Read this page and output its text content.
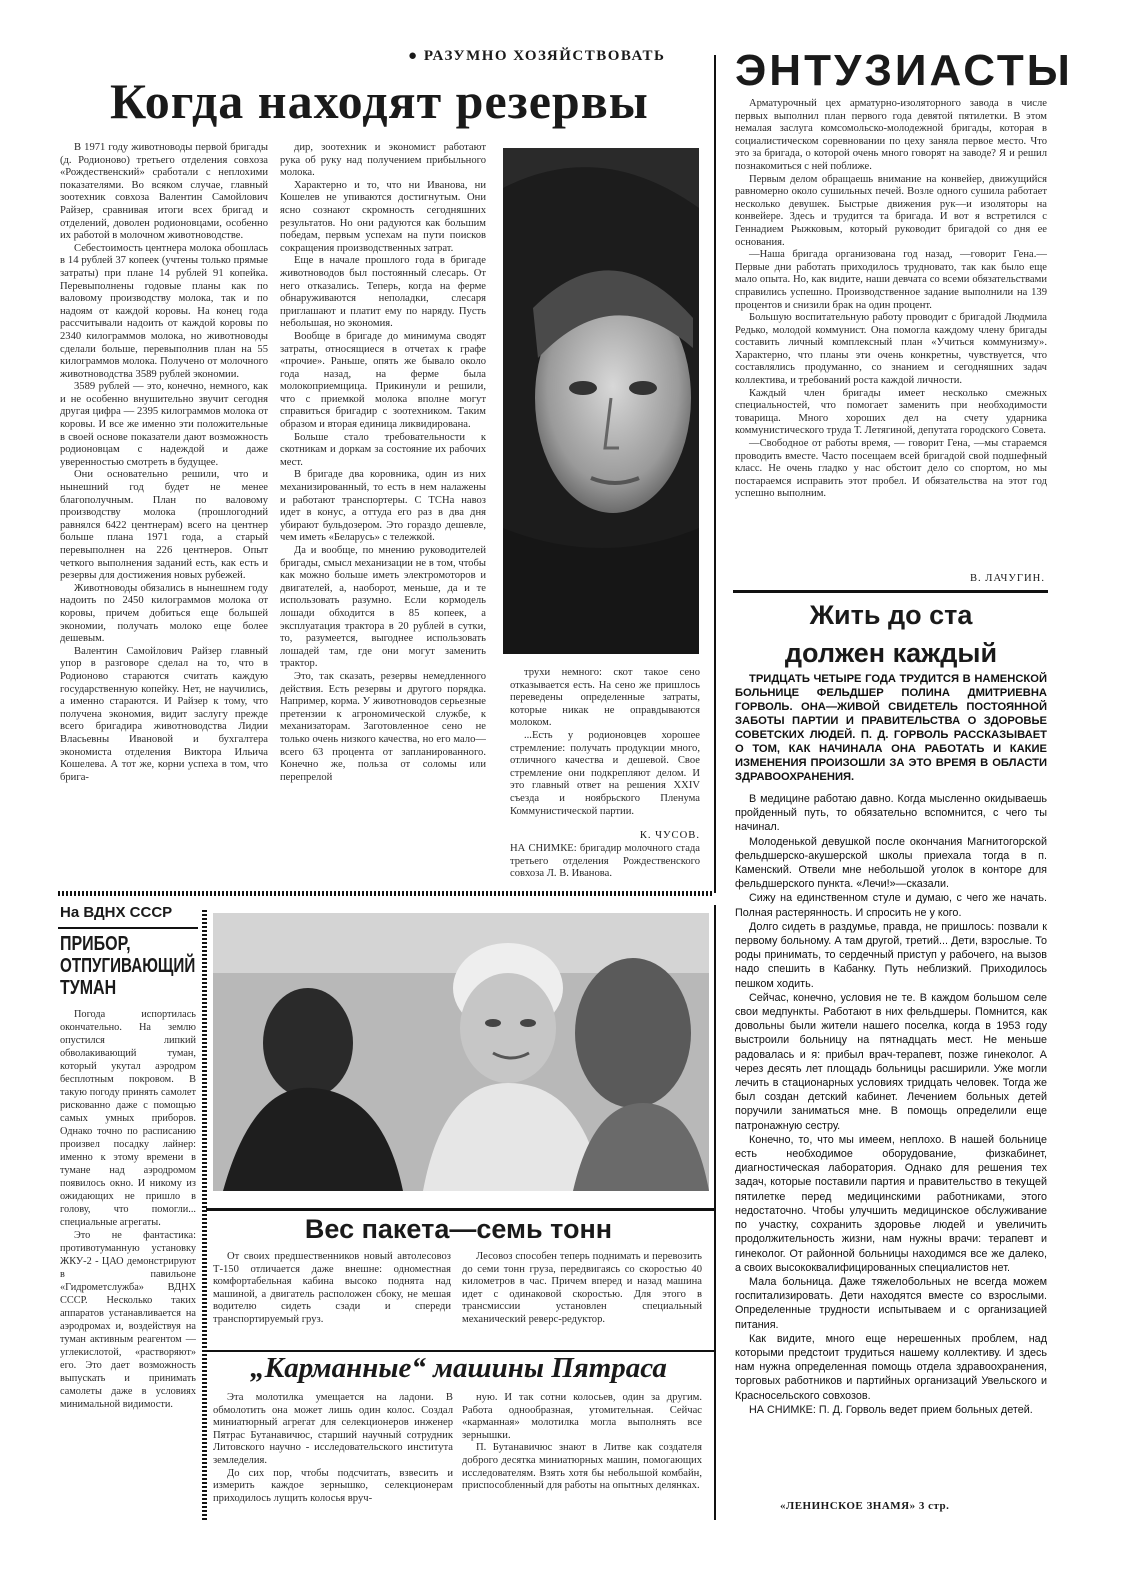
● РАЗУМНО ХОЗЯЙСТВОВАТЬ
Когда находят резервы

В 1971 году животноводы первой бригады (д. Родионово) третьего отделения совхоза «Рождественский» сработали с неплохими показателями. Во всяком случае, главный зоотехник совхоза Валентин Самойлович Райзер, сравнивая итоги всех бригад и отделений, доволен родионовцами, особенно их работой в молочном животноводстве.

Себестоимость центнера молока обошлась в 14 рублей 37 копеек (учтены только прямые затраты) при плане 14 рублей 91 копейка. Перевыполнены годовые планы как по валовому производству молока, так и по надоям от каждой коровы. На конец года рассчитывали надоить от каждой коровы по 2340 килограммов молока, но животноводы сделали больше, перевыполнив план на 55 килограммов молока. Получено от молочного животноводства 3589 рублей экономии.

3589 рублей — это, конечно, немного, как и не особенно внушительно звучит сегодня другая цифра — 2395 килограммов молока от коровы. И все же именно эти положительные в своей основе показатели дают возможность родионовцам с надеждой и даже уверенностью смотреть в будущее.

Они основательно решили, что и нынешний год будет не менее благополучным. План по валовому производству молока (прошлогодний равнялся 6422 центнерам) всего на центнер больше плана 1971 года, а старый перевыполнен на 226 центнеров. Опыт четкого выполнения заданий есть, как есть и резервы для достижения новых рубежей.

Животноводы обязались в нынешнем году надоить по 2450 килограммов молока от коровы, причем добиться еще большей экономии, получать молоко еще более дешевым.

Валентин Самойлович Райзер главный упор в разговоре сделал на то, что в Родионово стараются считать каждую государственную копейку. Нет, не научились, а именно стараются. И Райзер к тому, что получена экономия, видит заслугу прежде всего бригадира животноводства Лидии Власьевны Ивановой и бухгалтера экономиста отделения Виктора Ильича Кошелева. А тот же, корни успеха в том, что брига-

дир, зоотехник и экономист работают рука об руку над получением прибыльного молока.

Характерно и то, что ни Иванова, ни Кошелев не упиваются достигнутым. Они ясно сознают скромность сегодняшних результатов. Но они радуются как большим победам, первым успехам на пути поисков сокращения производственных затрат.

Еще в начале прошлого года в бригаде животноводов был постоянный слесарь. От него отказались. Теперь, когда на ферме обнаруживаются неполадки, слесаря приглашают и платит ему по наряду. Пусть небольшая, но экономия.

Вообще в бригаде до минимума сводят затраты, относящиеся в отчетах к графе «прочие». Раньше, опять же бывало около года назад, на ферме была молокоприемщица. Прикинули и решили, что с приемкой молока вполне могут справиться бригадир с зоотехником. Таким образом и вторая единица ликвидирована.

Больше стало требовательности к скотникам и доркам за состояние их рабочих мест.

В бригаде два коровника, один из них механизированный, то есть в нем налажены и работают транспортеры. С ТСНа навоз идет в конус, а оттуда его раз в два дня убирают бульдозером. Это гораздо дешевле, чем иметь «Беларусь» с тележкой.

Да и вообще, по мнению руководителей бригады, смысл механизации не в том, чтобы как можно больше иметь электромоторов и двигателей, а, наоборот, меньше, да и те использовать разумно. Если кормодель лошади обходится в 85 копеек, а эксплуатация трактора в 20 рублей в сутки, то, разумеется, выгоднее использовать лошадей там, где они могут заменить трактор.

Это, так сказать, резервы немедленного действия. Есть резервы и другого порядка. Например, корма. У животноводов серьезные претензии к агрономической службе, к механизаторам. Заготовленное сено не только очень низкого качества, но его мало—всего 63 процента от запланированного. Конечно же, польза от соломы или перепрелой

трухи немного: скот такое сено отказывается есть. На сено же пришлось переведены определенные затраты, которые никак не оправдываются молоком.

...Есть у родионовцев хорошее стремление: получать продукции много, отличного качества и дешевой. Свое стремление они подкрепляют делом. И это главный ответ на решения XXIV съезда и ноябрьского Пленума Коммунистической партии.

К. ЧУСОВ.
НА СНИМКЕ: бригадир молочного стада третьего отделения Рождественского совхоза Л. В. Иванова.
ЭНТУЗИАСТЫ

Арматурочный цех арматурно-изоляторного завода в числе первых выполнил план первого года девятой пятилетки. В этом немалая заслуга комсомольско-молодежной бригады, которая в социалистическом соревновании по цеху заняла первое место. Что это за бригада, о которой очень много говорят на заводе? Я и решил познакомиться с ней поближе.

Первым делом обращаешь внимание на конвейер, движущийся равномерно около сушильных печей. Возле одного сушила работает несколько девушек. Быстрые движения рук—и изоляторы на конвейере. Здесь и трудится та бригада. И вот я встретился с Геннадием Рыжковым, который руководит бригадой со дня ее основания.

—Наша бригада организована год назад, —говорит Гена.—Первые дни работать приходилось трудновато, так как было еще мало опыта. Но, как видите, наши девчата со всеми обязательствами справились успешно. Производственное задание выполнили на 139 процентов и снизили брак на один процент.

Большую воспитательную работу проводит с бригадой Людмила Редько, молодой коммунист. Она помогла каждому члену бригады составить личный комплексный план «Учиться коммунизму». Характерно, что планы эти очень конкретны, чувствуется, что составлялись продуманно, со знанием и сегодняшних задач коллектива, и требований роста каждой личности.

Каждый член бригады имеет несколько смежных специальностей, что помогает заменить при необходимости товарища. Много хороших дел на счету ударника коммунистического труда Т. Летягиной, депутата городского Совета.

—Свободное от работы время, — говорит Гена, —мы стараемся проводить вместе. Часто посещаем всей бригадой свой подшефный класс. Не очень гладко у нас обстоит дело со спортом, но мы постараемся исправить этот пробел. И обязательства на этот год успешно выполним.

В. ЛАЧУГИН.
Жить до ста
должен каждый
ТРИДЦАТЬ ЧЕТЫРЕ ГОДА ТРУДИТСЯ В НАМЕНСКОЙ БОЛЬНИЦЕ ФЕЛЬДШЕР ПОЛИНА ДМИТРИЕВНА ГОРВОЛЬ. ОНА—ЖИВОЙ СВИДЕТЕЛЬ ПОСТОЯННОЙ ЗАБОТЫ ПАРТИИ И ПРАВИТЕЛЬСТВА О ЗДОРОВЬЕ СОВЕТСКИХ ЛЮДЕЙ. П. Д. ГОРВОЛЬ РАССКАЗЫВАЕТ О ТОМ, КАК НАЧИНАЛА ОНА РАБОТАТЬ И КАКИЕ ИЗМЕНЕНИЯ ПРОИЗОШЛИ ЗА ЭТО ВРЕМЯ В ОБЛАСТИ ЗДРАВООХРАНЕНИЯ.

В медицине работаю давно. Когда мысленно окидываешь пройденный путь, то обязательно вспомнится, с чего ты начинал.

Молоденькой девушкой после окончания Магнитогорской фельдшерско-акушерской школы приехала тогда в п. Каменский. Отвели мне небольшой уголок в конторе для фельдшерского пункта. «Лечи!»—сказали.

Сижу на единственном стуле и думаю, с чего же начать. Полная растерянность. И спросить не у кого.

Долго сидеть в раздумье, правда, не пришлось: позвали к первому больному. А там другой, третий... Дети, взрослые. То роды принимать, то сердечный приступ у рабочего, на вызов надо спешить в Кабанку. Путь неблизкий. Приходилось пешком ходить.

Сейчас, конечно, условия не те. В каждом большом селе свои медпункты. Работают в них фельдшеры. Помнится, как довольны были жители нашего поселка, когда в 1953 году выстроили больницу на пятнадцать мест. Не меньше радовалась и я: прибыл врач-терапевт, позже гинеколог. А через десять лет площадь больницы расширили. Уже могли лечить в стационарных условиях тридцать человек. Тогда же был создан детский кабинет. Лечением больных детей поручили заниматься мне. В помощь определили еще патронажную сестру.

Конечно, то, что мы имеем, неплохо. В нашей больнице есть необходимое оборудование, физкабинет, диагностическая лаборатория. Однако для решения тех задач, которые поставили партия и правительство в текущей пятилетке перед медицинскими работниками, этого недостаточно. Чтобы улучшить медицинское обслуживание по участку, сохранить здоровье людей и увеличить продолжительность жизни, нам нужны врачи: терапевт и гинеколог. От районной больницы находимся все же далеко, а своих высококвалифицированных специалистов нет.

Мала больница. Даже тяжелобольных не всегда можем госпитализировать. Дети находятся вместе со взрослыми. Определенные трудности испытываем и с организацией питания.

Как видите, много еще нерешенных проблем, над которыми предстоит трудиться нашему коллективу. И здесь нам нужна определенная помощь отдела здравоохранения, торговых работников и партийных организаций Увельского и Красносельского совхозов.

НА СНИМКЕ: П. Д. Горволь ведет прием больных детей.

«ЛЕНИНСКОЕ ЗНАМЯ» 3 стр.
На ВДНХ СССР
ПРИБОР,
ОТПУГИВАЮЩИЙ
ТУМАН

Погода испортилась окончательно. На землю опустился липкий обволакивающий туман, который укутал аэродром бесплотным покровом. В такую погоду принять самолет рискованно даже с помощью самых умных приборов. Однако точно по расписанию произвел посадку лайнер: именно к этому времени в тумане над аэродромом появилось окно. И никому из ожидающих не пришло в голову, что помогли... специальные агрегаты.

Это не фантастика: противотуманную установку ЖКУ-2 - ЦАО демонстрируют в павильоне «Гидрометслужба» ВДНХ СССР. Несколько таких аппаратов устанавливается на аэродромах и, воздействуя на туман активным реагентом — углекислотой, «растворяют» его. Это дает возможность выпускать и принимать самолеты даже в условиях минимальной видимости.

Вес пакета—семь тонн
От своих предшественников новый автолесовоз Т-150 отличается даже внешне: одноместная комфортабельная кабина высоко поднята над машиной, а двигатель расположен сбоку, не мешая водителю сидеть сзади и спереди транспортируемый груз.
Лесовоз способен теперь поднимать и перевозить до семи тонн груза, передвигаясь со скоростью 40 километров в час. Причем вперед и назад машина идет с одинаковой скоростью. Для этого в трансмиссии установлен специальный механический реверс-редуктор.
„Карманные“ машины Пятраса

Эта молотилка умещается на ладони. В обмолотить она может лишь один колос. Создал миниатюрный агрегат для селекционеров инженер Пятрас Бутанавичюс, старший научный сотрудник Литовского научно - исследовательского института земледелия.

До сих пор, чтобы подсчитать, взвесить и измерить каждое зернышко, селекционерам приходилось лущить колосья вруч-

ную. И так сотни колосьев, один за другим. Работа однообразная, утомительная. Сейчас «карманная» молотилка могла выполнять все зернышки.

П. Бутанавичюс знают в Литве как создателя доброго десятка миниатюрных машин, помогающих исследователям. Взять хотя бы небольшой комбайн, приспособленный для работы на опытных делянках.
